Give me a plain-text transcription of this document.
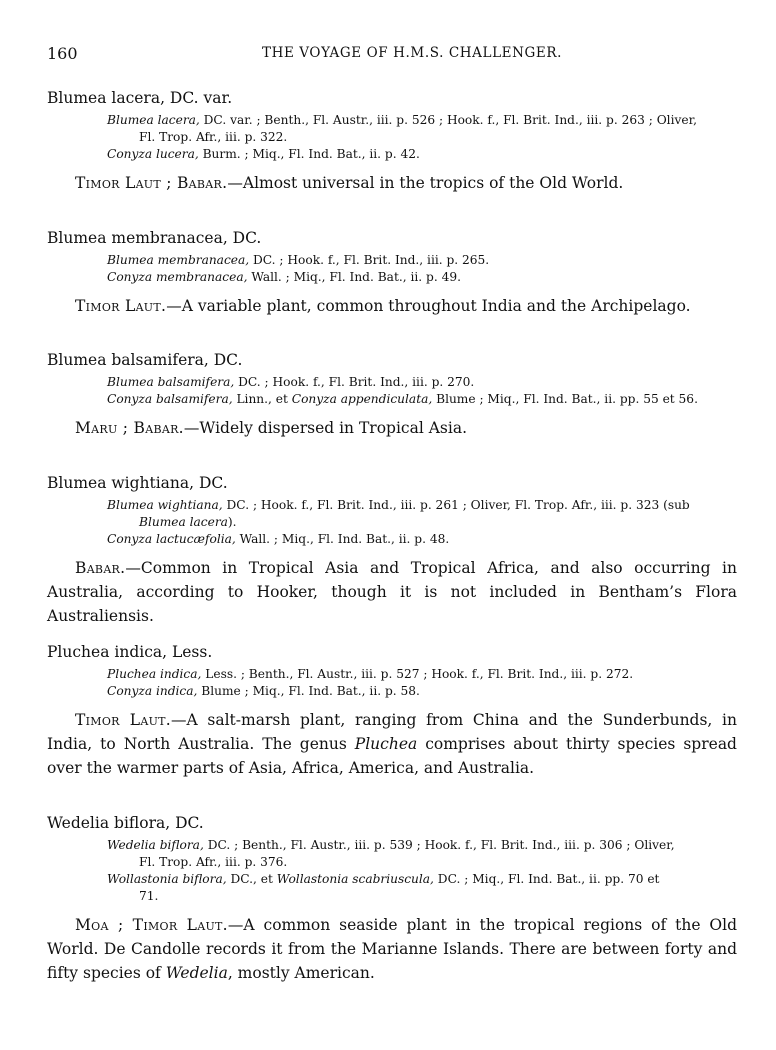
160	THE VOYAGE OF H.M.S. CHALLENGER.

Blumea lacera, DC. var.

Blumea lacera, DC. var. ; Benth., Fl. Austr., iii. p. 526 ; Hook. f., Fl. Brit. Ind., iii. p. 263 ; Oliver,
Fl. Trop. Afr., iii. p. 322.

Conyza lucera, Burm. ; Miq., Fl. Ind. Bat., ii. p. 42.

Timor Laut ; Babar.—Almost universal in the tropics of the Old World.

Blumea membranacea, DC.

Blumea membranacea, DC. ; Hook. f., Fl. Brit. Ind., iii. p. 265.

Conyza membranacea, Wall. ; Miq., Fl. Ind. Bat., ii. p. 49.

Timor Laut.—A variable plant, common throughout India and the Archipelago.

Blumea balsamifera, DC.

Blumea balsamifera, DC. ; Hook. f., Fl. Brit. Ind., iii. p. 270.

Conyza balsamifera, Linn., et Conyza appendiculata, Blume ; Miq., Fl. Ind. Bat., ii. pp. 55 et 56.

Maru ; Babar.—Widely dispersed in Tropical Asia.

Blumea wightiana, DC.

Blumea wightiana, DC. ; Hook. f., Fl. Brit. Ind., iii. p. 261 ; Oliver, Fl. Trop. Afr., iii. p. 323 (sub
Blumea lacera).

Conyza lactucæfolia, Wall. ; Miq., Fl. Ind. Bat., ii. p. 48.

Babar.—Common in Tropical Asia and Tropical Africa, and also occurring in Australia, according to Hooker, though it is not included in Bentham’s Flora Australiensis.

Pluchea indica, Less.

Pluchea indica, Less. ; Benth., Fl. Austr., iii. p. 527 ; Hook. f., Fl. Brit. Ind., iii. p. 272.

Conyza indica, Blume ; Miq., Fl. Ind. Bat., ii. p. 58.

Timor Laut.—A salt-marsh plant, ranging from China and the Sunderbunds, in India, to North Australia. The genus Pluchea comprises about thirty species spread over the warmer parts of Asia, Africa, America, and Australia.

Wedelia biflora, DC.

Wedelia biflora, DC. ; Benth., Fl. Austr., iii. p. 539 ; Hook. f., Fl. Brit. Ind., iii. p. 306 ; Oliver,
Fl. Trop. Afr., iii. p. 376.

Wollastonia biflora, DC., et Wollastonia scabriuscula, DC. ; Miq., Fl. Ind. Bat., ii. pp. 70 et
71.

Moa ; Timor Laut.—A common seaside plant in the tropical regions of the Old World. De Candolle records it from the Marianne Islands. There are between forty and fifty species of Wedelia, mostly American.
